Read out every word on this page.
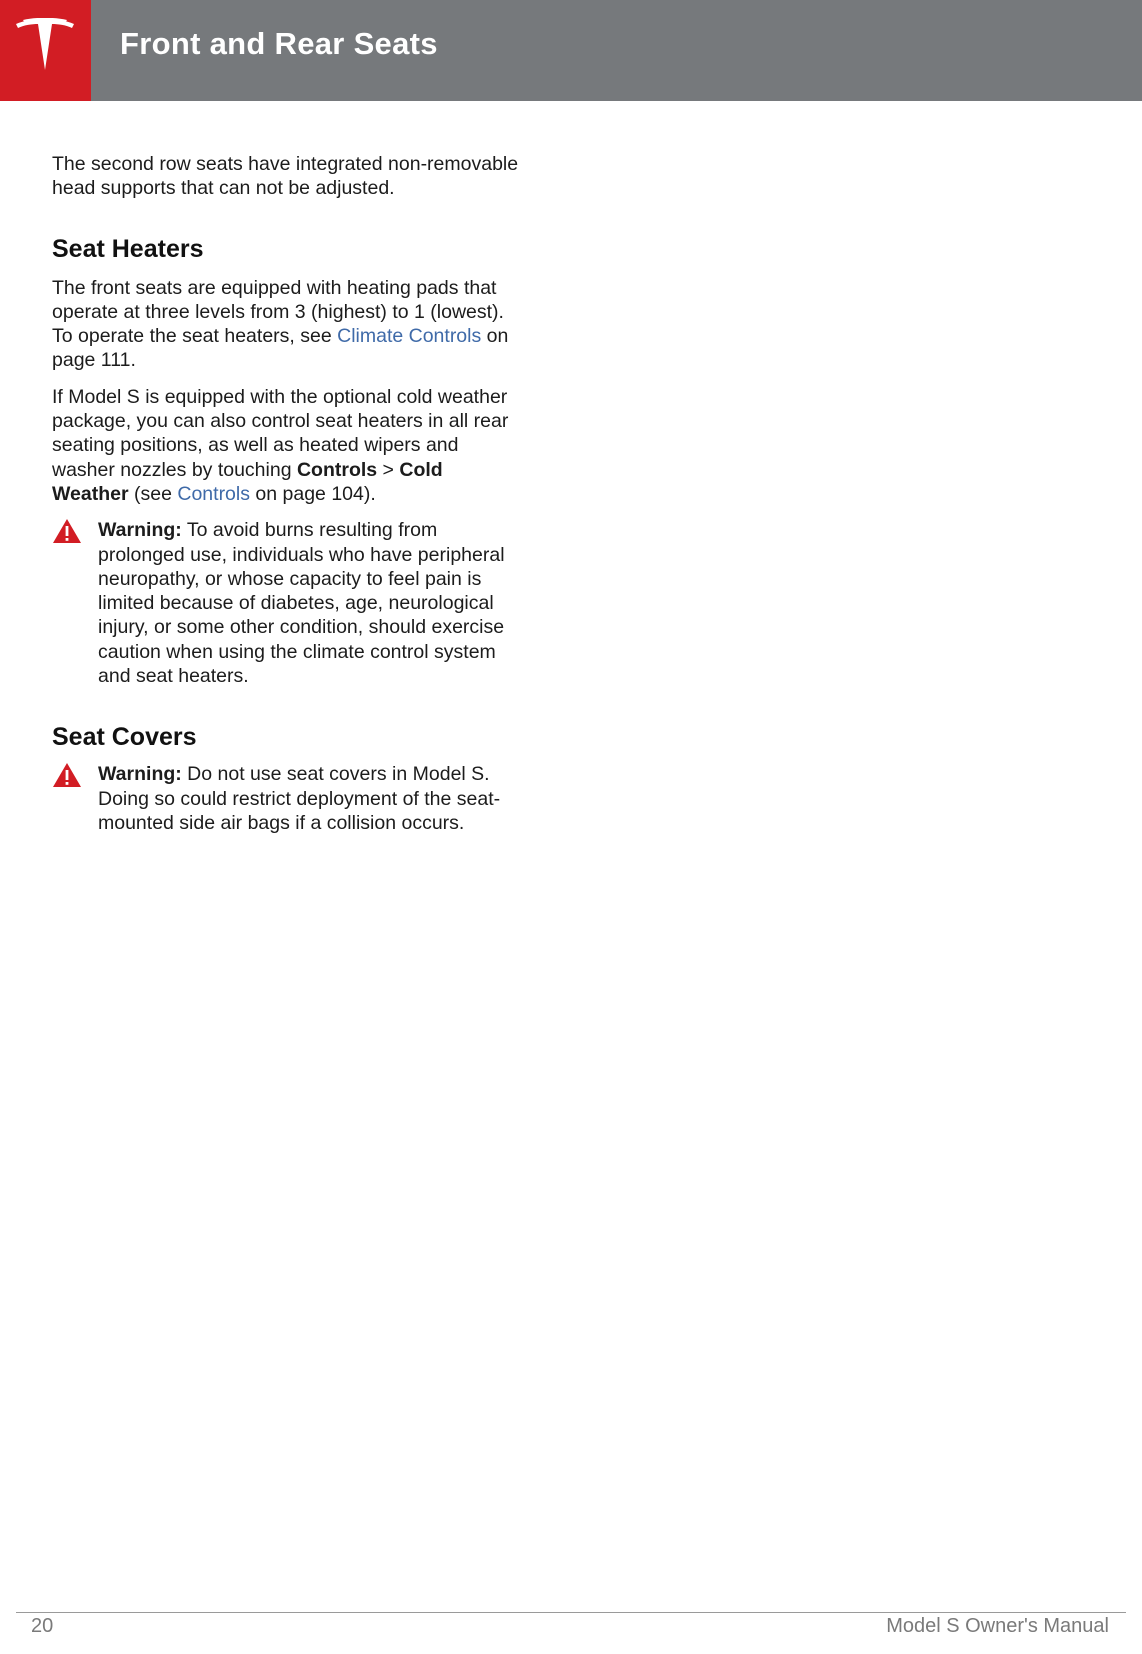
Front and Rear Seats

The second row seats have integrated non-removable head supports that can not be adjusted.

Seat Heaters

The front seats are equipped with heating pads that operate at three levels from 3 (highest) to 1 (lowest). To operate the seat heaters, see Climate Controls on page 111.

If Model S is equipped with the optional cold weather package, you can also control seat heaters in all rear seating positions, as well as heated wipers and washer nozzles by touching Controls > Cold Weather (see Controls on page 104).

Warning: To avoid burns resulting from prolonged use, individuals who have peripheral neuropathy, or whose capacity to feel pain is limited because of diabetes, age, neurological injury, or some other condition, should exercise caution when using the climate control system and seat heaters.

Seat Covers

Warning: Do not use seat covers in Model S. Doing so could restrict deployment of the seat-mounted side air bags if a collision occurs.

20	Model S Owner's Manual
